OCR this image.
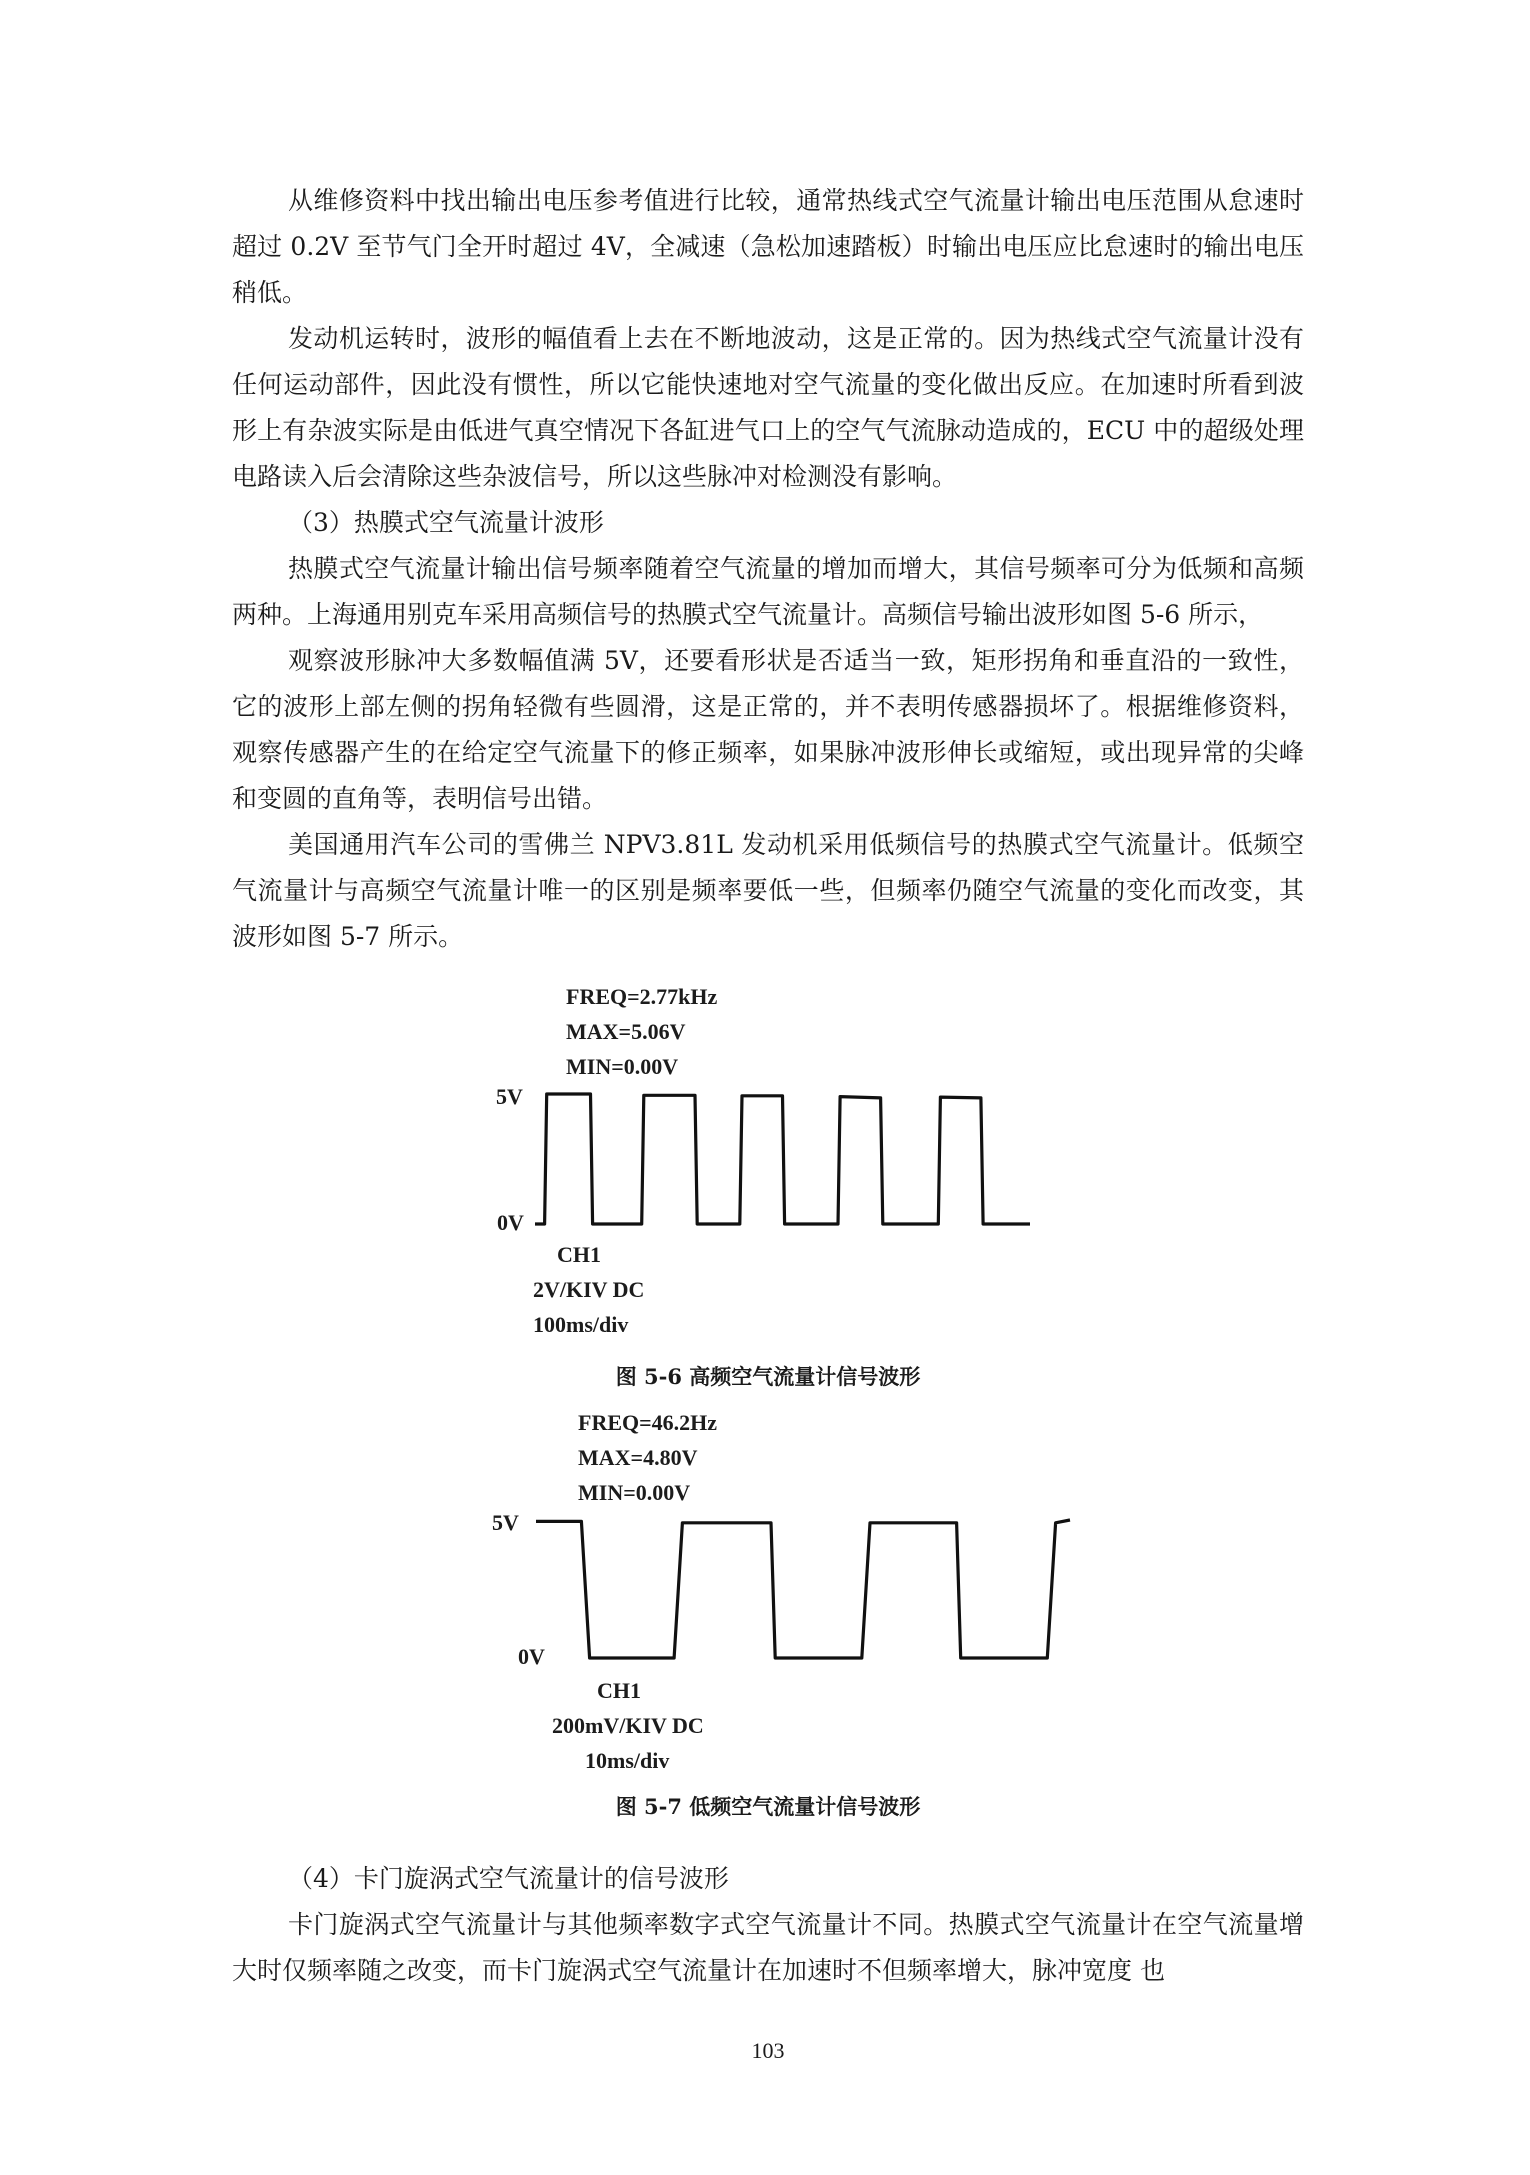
从维修资料中找出输出电压参考值进行比较，通常热线式空气流量计输出电压范围从怠速时超过 0.2V 至节气门全开时超过 4V，全减速（急松加速踏板）时输出电压应比怠速时的输出电压稍低。

发动机运转时，波形的幅值看上去在不断地波动，这是正常的。因为热线式空气流量计没有任何运动部件，因此没有惯性，所以它能快速地对空气流量的变化做出反应。在加速时所看到波形上有杂波实际是由低进气真空情况下各缸进气口上的空气气流脉动造成的，ECU 中的超级处理电路读入后会清除这些杂波信号，所以这些脉冲对检测没有影响。

（3）热膜式空气流量计波形

热膜式空气流量计输出信号频率随着空气流量的增加而增大，其信号频率可分为低频和高频两种。上海通用别克车采用高频信号的热膜式空气流量计。高频信号输出波形如图 5-6 所示，

观察波形脉冲大多数幅值满 5V，还要看形状是否适当一致，矩形拐角和垂直沿的一致性，它的波形上部左侧的拐角轻微有些圆滑，这是正常的，并不表明传感器损坏了。根据维修资料，观察传感器产生的在给定空气流量下的修正频率，如果脉冲波形伸长或缩短，或出现异常的尖峰和变圆的直角等，表明信号出错。

美国通用汽车公司的雪佛兰 NPV3.81L 发动机采用低频信号的热膜式空气流量计。低频空气流量计与高频空气流量计唯一的区别是频率要低一些，但频率仍随空气流量的变化而改变，其波形如图 5-7 所示。

FREQ=2.77kHz
MAX=5.06V
MIN=0.00V
5V
0V
CH1
2V/KIV DC
100ms/div

图 5-6 高频空气流量计信号波形

FREQ=46.2Hz
MAX=4.80V
MIN=0.00V
5V
0V
CH1
200mV/KIV DC
10ms/div

图 5-7 低频空气流量计信号波形

（4）卡门旋涡式空气流量计的信号波形

卡门旋涡式空气流量计与其他频率数字式空气流量计不同。热膜式空气流量计在空气流量增大时仅频率随之改变，而卡门旋涡式空气流量计在加速时不但频率增大，脉冲宽度 也

103
